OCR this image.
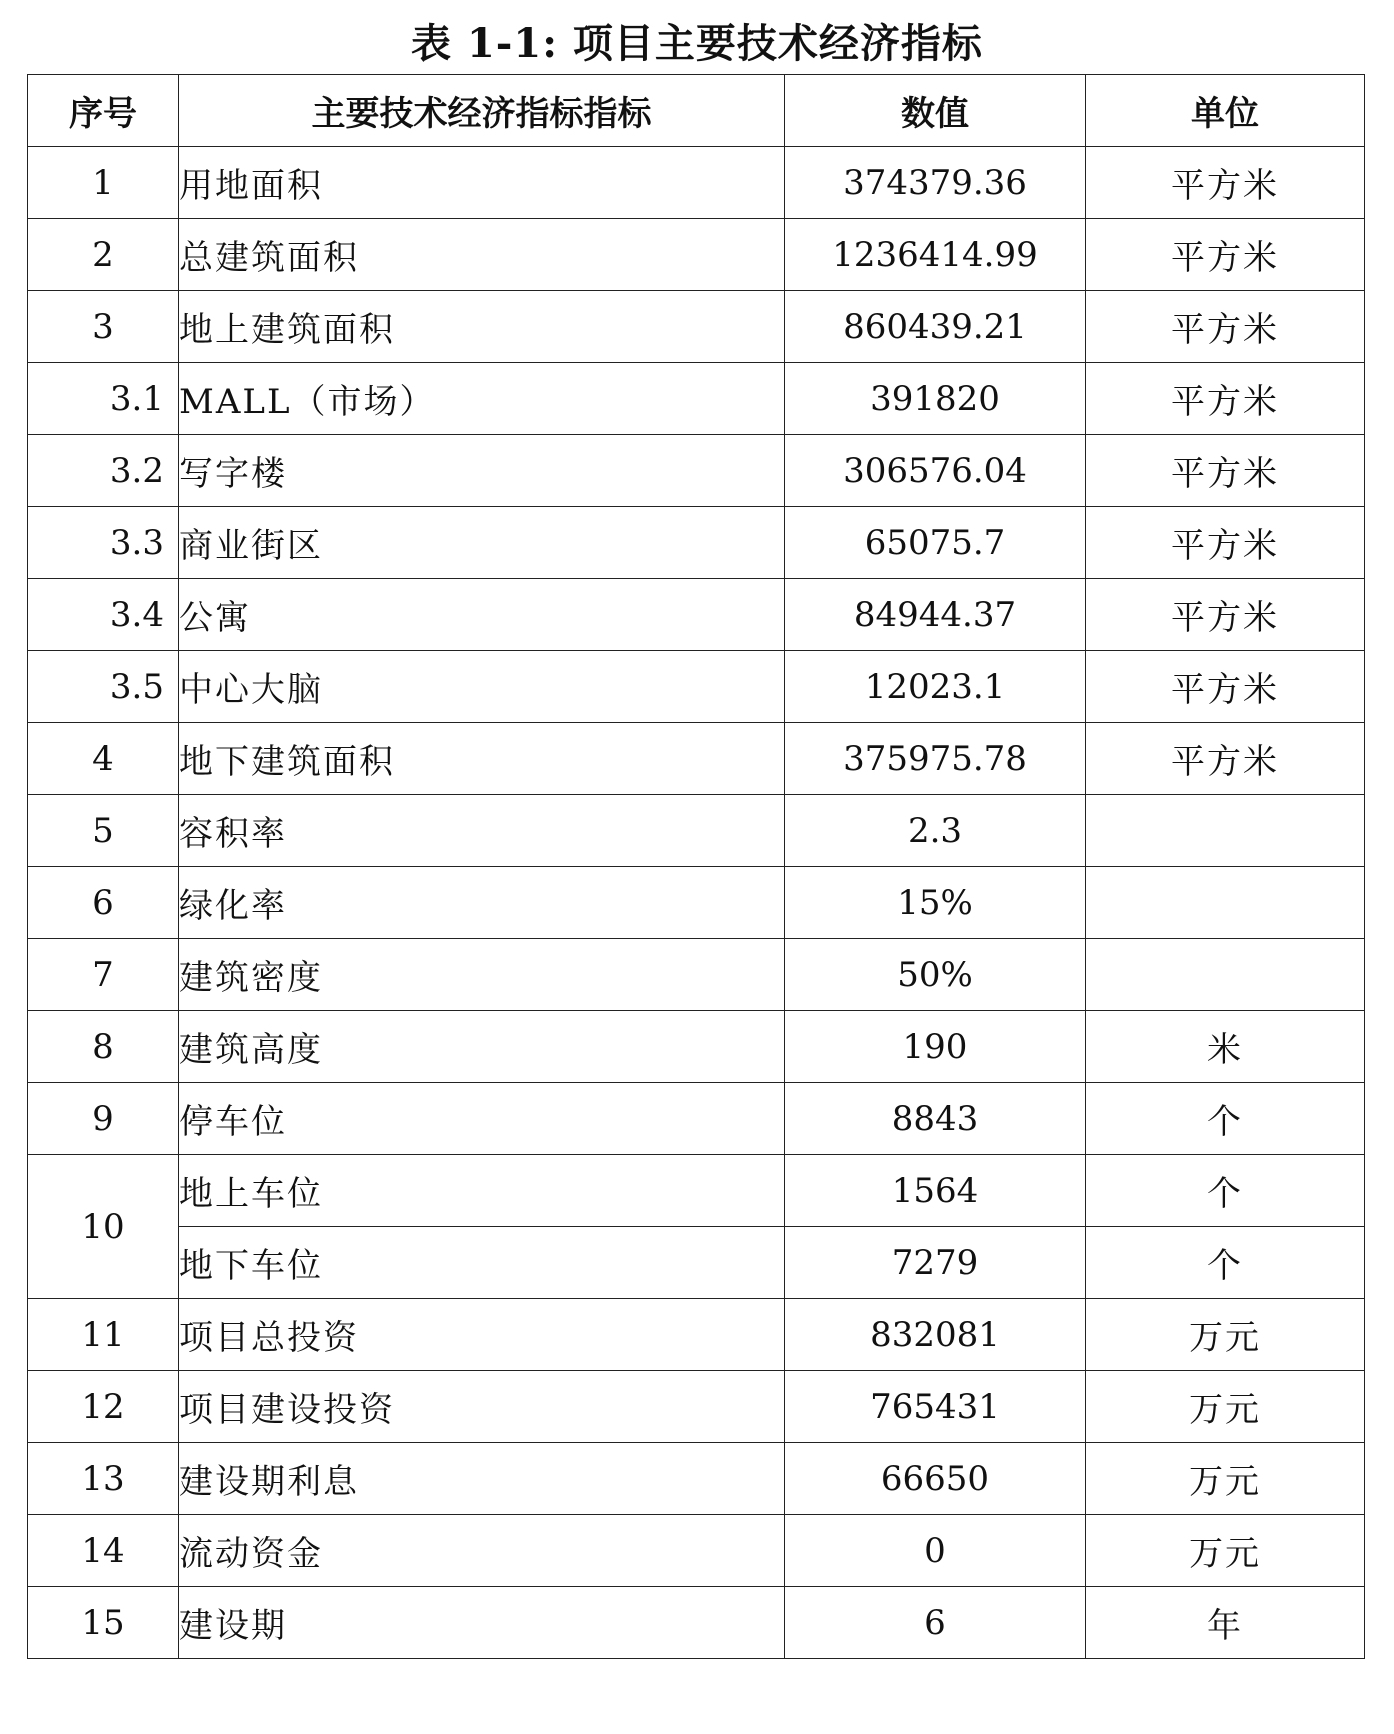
表 1-1: 项目主要技术经济指标
序号	主要技术经济指标指标	数值	单位
1	用地面积	374379.36	平方米
2	总建筑面积	1236414.99	平方米
3	地上建筑面积	860439.21	平方米
3.1	MALL（市场）	391820	平方米
3.2	写字楼	306576.04	平方米
3.3	商业街区	65075.7	平方米
3.4	公寓	84944.37	平方米
3.5	中心大脑	12023.1	平方米
4	地下建筑面积	375975.78	平方米
5	容积率	2.3	
6	绿化率	15%	
7	建筑密度	50%	
8	建筑高度	190	米
9	停车位	8843	个
10	地上车位	1564	个
	地下车位	7279	个
11	项目总投资	832081	万元
12	项目建设投资	765431	万元
13	建设期利息	66650	万元
14	流动资金	0	万元
15	建设期	6	年
